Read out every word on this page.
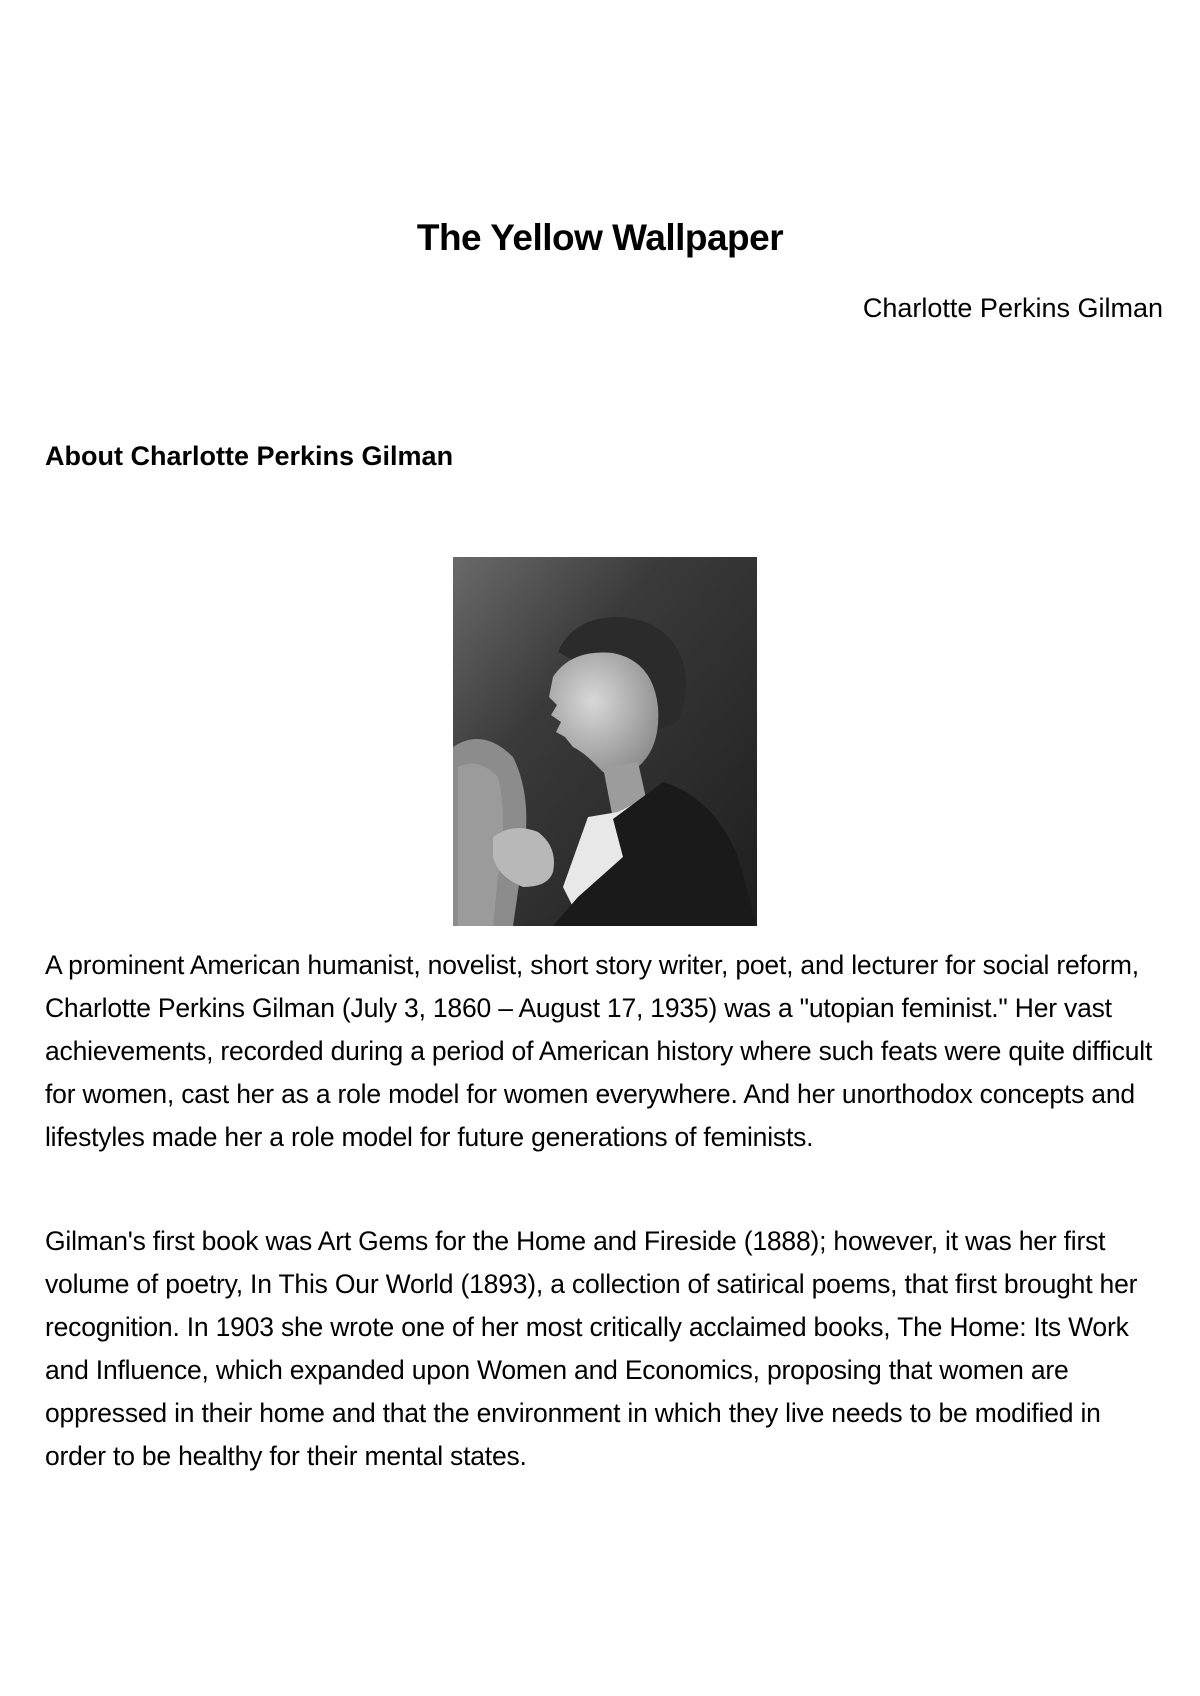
The Yellow Wallpaper

Charlotte Perkins Gilman

About Charlotte Perkins Gilman

A prominent American humanist, novelist, short story writer, poet, and lecturer for social reform, Charlotte Perkins Gilman (July 3, 1860 – August 17, 1935) was a "utopian feminist." Her vast achievements, recorded during a period of American history where such feats were quite difficult for women, cast her as a role model for women everywhere. And her unorthodox concepts and lifestyles made her a role model for future generations of feminists.

Gilman's first book was Art Gems for the Home and Fireside (1888); however, it was her first volume of poetry, In This Our World (1893), a collection of satirical poems, that first brought her recognition. In 1903 she wrote one of her most critically acclaimed books, The Home: Its Work and Influence, which expanded upon Women and Economics, proposing that women are oppressed in their home and that the environment in which they live needs to be modified in order to be healthy for their mental states.
